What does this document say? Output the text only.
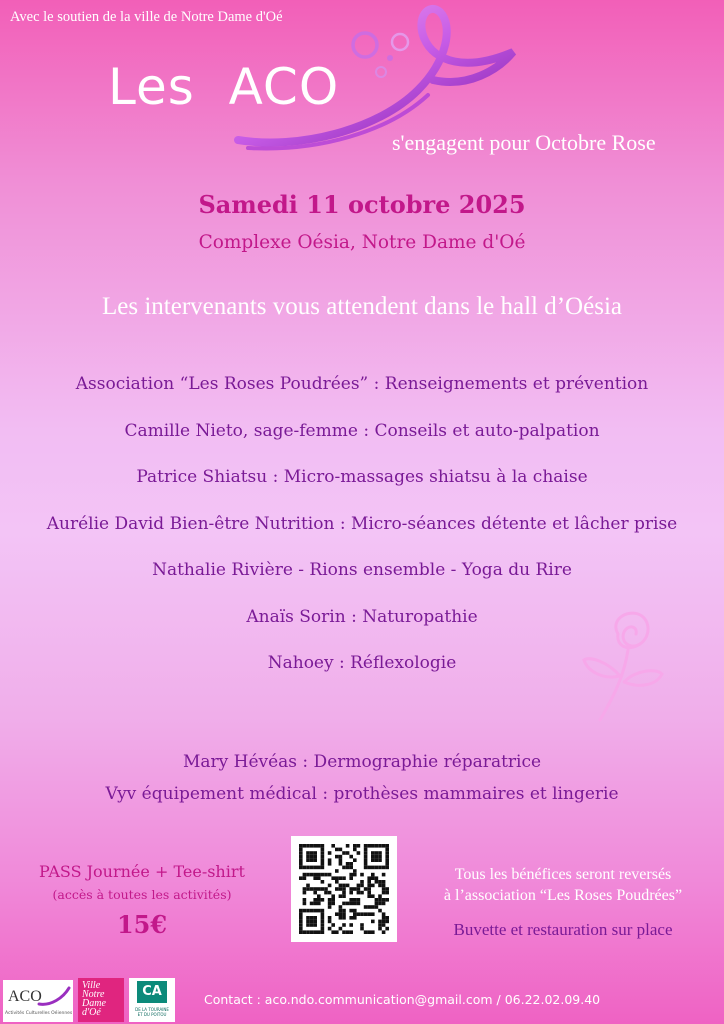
Avec le soutien de la ville de Notre Dame d'Oé
Les  ACO
s'engagent pour Octobre Rose
Samedi 11 octobre 2025
Complexe Oésia, Notre Dame d'Oé
Les intervenants vous attendent dans le hall d’Oésia
Association “Les Roses Poudrées” : Renseignements et prévention
Camille Nieto, sage-femme : Conseils et auto-palpation
Patrice Shiatsu : Micro-massages shiatsu à la chaise
Aurélie David Bien-être Nutrition : Micro-séances détente et lâcher prise
Nathalie Rivière - Rions ensemble - Yoga du Rire
Anaïs Sorin : Naturopathie
Nahoey : Réflexologie
Mary Hévéas : Dermographie réparatrice
Vyv équipement médical : prothèses mammaires et lingerie
PASS Journée + Tee-shirt
(accès à toutes les activités)
15€
Tous les bénéfices seront reversés
à l’association “Les Roses Poudrées”
Buvette et restauration sur place
ACO
Activités Culturelles Oéiennes
Ville
Notre
Dame
d'Oé
CA
DE LA TOURAINE
ET DU POITOU
Contact : aco.ndo.communication@gmail.com / 06.22.02.09.40
